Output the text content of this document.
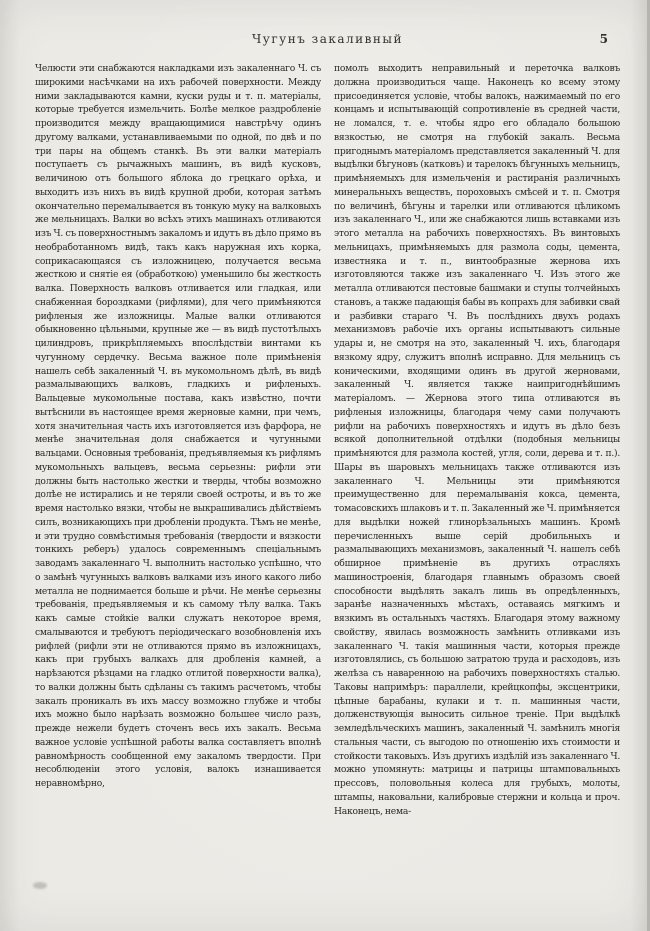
Чугунъ закаливный	5
Челюсти эти снабжаются накладками изъ закаленнаго Ч. съ широкими насѣчками на ихъ рабочей поверхности. Между ними закладываются камни, куски руды и т. п. матеріалы, которые требуется измельчить. Болѣе мелкое раздробленіе производится между вращающимися навстрѣчу одинъ другому валками, устанавливаемыми по одной, по двѣ и по три пары на общемъ станкѣ. Въ эти валки матеріалъ поступаетъ съ рычажныхъ машинъ, въ видѣ кусковъ, величиною отъ большого яблока до грецкаго орѣха, и выходитъ изъ нихъ въ видѣ крупной дроби, которая затѣмъ окончательно перемалывается въ тонкую муку на валковыхъ же мельницахъ. Валки во всѣхъ этихъ машинахъ отливаются изъ Ч. съ поверхностнымъ закаломъ и идутъ въ дѣло прямо въ необработанномъ видѣ, такъ какъ наружная ихъ корка, соприкасающаяся съ изложницею, получается весьма жесткою и снятіе ея (обработкою) уменьшило бы жесткость валка. Поверхность валковъ отливается или гладкая, или снабженная бороздками (рифлями), для чего примѣняются рифленыя же изложницы. Малые валки отливаются обыкновенно цѣльными, крупные же — въ видѣ пустотѣлыхъ цилиндровъ, прикрѣпляемыхъ впослѣдствіи винтами къ чугунному сердечку. Весьма важное поле примѣненія нашелъ себѣ закаленный Ч. въ мукомольномъ дѣлѣ, въ видѣ размалывающихъ валковъ, гладкихъ и рифленыхъ. Вальцевые мукомольные постава, какъ извѣстно, почти вытѣснили въ настоящее время жерновые камни, при чемъ, хотя значительная часть ихъ изготовляется изъ фарфора, не менѣе значительная доля снабжается и чугунными вальцами. Основныя требованія, предъявляемыя къ рифлямъ мукомольныхъ вальцевъ, весьма серьезны: рифли эти должны быть настолько жестки и тверды, чтобы возможно долѣе не истирались и не теряли своей остроты, и въ то же время настолько вязки, чтобы не выкрашивались дѣйствіемъ силъ, возникающихъ при дробленіи продукта. Тѣмъ не менѣе, и эти трудно совмѣстимыя требованія (твердости и вязкости тонкихъ реберъ) удалось современнымъ спеціальнымъ заводамъ закаленнаго Ч. выполнить настолько успѣшно, что о замѣнѣ чугунныхъ валковъ валками изъ иного какого либо металла не поднимается больше и рѣчи. Не менѣе серьезны требованія, предъявляемыя и къ самому тѣлу валка. Такъ какъ самые стойкіе валки служатъ некоторое время, смалываются и требуютъ періодическаго возобновленія ихъ рифлей (рифли эти не отливаются прямо въ изложницахъ, какъ при грубыхъ валкахъ для дробленія камней, а нарѣзаются рѣзцами на гладко отлитой поверхности валка), то валки должны быть сдѣланы съ такимъ расчетомъ, чтобы закалъ проникалъ въ ихъ массу возможно глубже и чтобы ихъ можно было нарѣзать возможно большее число разъ, прежде нежели будетъ сточенъ весь ихъ закалъ. Весьма важное условіе успѣшной работы валка составляетъ вполнѣ равномѣрность сообщенной ему закаломъ твердости. При несоблюденіи этого условія, валокъ изнашивается неравномѣрно,
помолъ выходитъ неправильный и переточка валковъ должна производиться чаще. Наконецъ ко всему этому присоединяется условіе, чтобы валокъ, нажимаемый по его концамъ и испытывающій сопротивленіе въ средней части, не ломался, т. е. чтобы ядро его обладало большою вязкостью, не смотря на глубокій закалъ. Весьма пригоднымъ матеріаломъ представляется закаленный Ч. для выдѣлки бѣгуновъ (катковъ) и тарелокъ бѣгунныхъ мельницъ, примѣняемыхъ для измельченія и растиранія различныхъ минеральныхъ веществъ, пороховыхъ смѣсей и т. п. Смотря по величинѣ, бѣгуны и тарелки или отливаются цѣликомъ изъ закаленнаго Ч., или же снабжаются лишь вставками изъ этого металла на рабочихъ поверхностяхъ. Въ винтовыхъ мельницахъ, примѣняемыхъ для размола соды, цемента, известняка и т. п., винтообразные жернова ихъ изготовляются также изъ закаленнаго Ч. Изъ этого же металла отливаются пестовые башмаки и ступы толчейныхъ становъ, а также падающія бабы въ копрахъ для забивки свай и разбивки стараго Ч. Въ послѣднихъ двухъ родахъ механизмовъ рабочіе ихъ органы испытываютъ сильные удары и, не смотря на это, закаленный Ч. ихъ, благодаря вязкому ядру, служитъ вполнѣ исправно. Для мельницъ съ коническими, входящими одинъ въ другой жерновами, закаленный Ч. является также наипригоднѣйшимъ матеріаломъ. — Жернова этого типа отливаются въ рифленыя изложницы, благодаря чему сами получаютъ рифли на рабочихъ поверхностяхъ и идутъ въ дѣло безъ всякой дополнительной отдѣлки (подобныя мельницы примѣняются для размола костей, угля, соли, дерева и т. п.). Шары въ шаровыхъ мельницахъ также отливаются изъ закаленнаго Ч. Мельницы эти примѣняются преимущественно для перемалыванія кокса, цемента, томасовскихъ шлаковъ и т. п. Закаленный же Ч. примѣняется для выдѣлки ножей глинорѣзальныхъ машинъ. Кромѣ перечисленныхъ выше серій дробильныхъ и размалывающихъ механизмовъ, закаленный Ч. нашелъ себѣ обширное примѣненіе въ другихъ отрасляхъ машиностроенія, благодаря главнымъ образомъ своей способности выдѣлять закалъ лишь въ опредѣленныхъ, заранѣе назначенныхъ мѣстахъ, оставаясь мягкимъ и вязкимъ въ остальныхъ частяхъ. Благодаря этому важному свойству, явилась возможность замѣнить отливками изъ закаленнаго Ч. такія машинныя части, которыя прежде изготовлялись, съ большою затратою труда и расходовъ, изъ желѣза съ наваренною на рабочихъ поверхностяхъ сталью. Таковы напримѣръ: параллели, крейцкопфы, эксцентрики, цѣпные барабаны, кулаки и т. п. машинныя части, долженствующія выносить сильное треніе. При выдѣлкѣ земледѣльческихъ машинъ, закаленный Ч. замѣнилъ многія стальныя части, съ выгодою по отношенію ихъ стоимости и стойкости таковыхъ. Изъ другихъ издѣлій изъ закаленнаго Ч. можно упомянуть: матрицы и патрицы штамповальныхъ прессовъ, половольныя колеса для грубыхъ, молоты, штампы, наковальни, калибровые стержни и кольца и проч. Наконецъ, нема-
